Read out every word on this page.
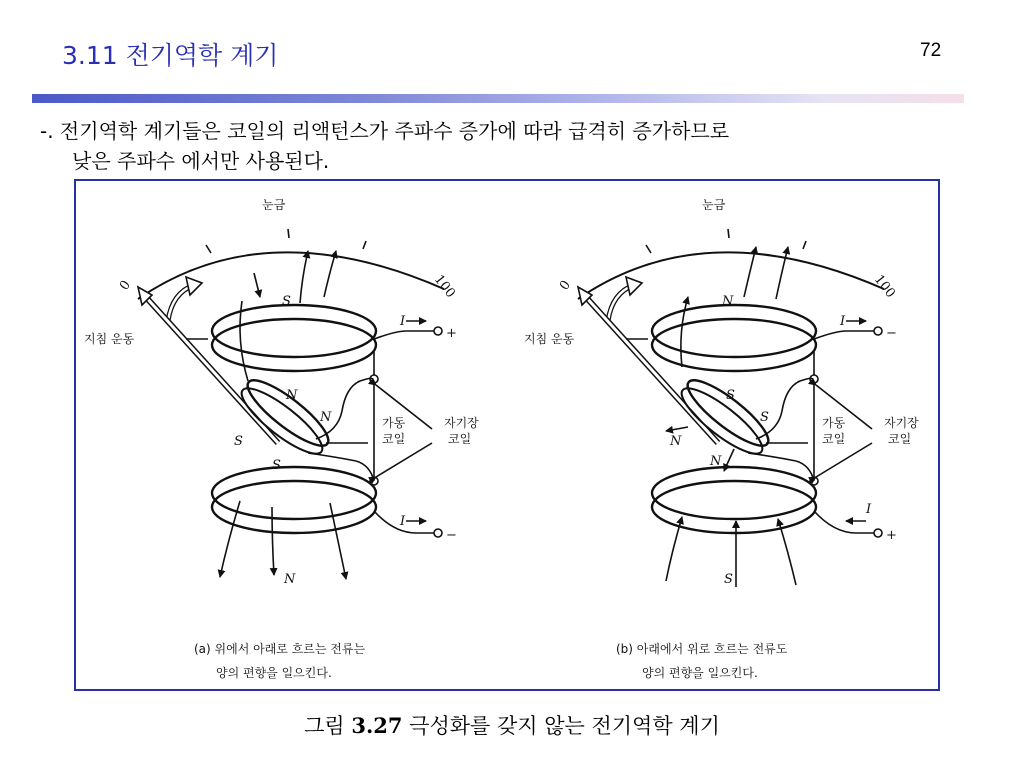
3.11 전기역학 계기	72
-. 전기역학 계기들은 코일의 리액턴스가 주파수 증가에 따라 급격히 증가하므로
낮은 주파수 에서만 사용된다.
눈금
0	100
지침 운동
S
N
N
N
S
S
가동
코일
자기장
코일
I
I
+
−
(a) 위에서 아래로 흐르는 전류는
양의 편향을 일으킨다.
눈금
0	100
지침 운동
N
S
S
S
N
N
가동
코일
자기장
코일
I
I
−
+
(b) 아래에서 위로 흐르는 전류도
양의 편향을 일으킨다.
그림 3.27 극성화를 갖지 않는 전기역학 계기
